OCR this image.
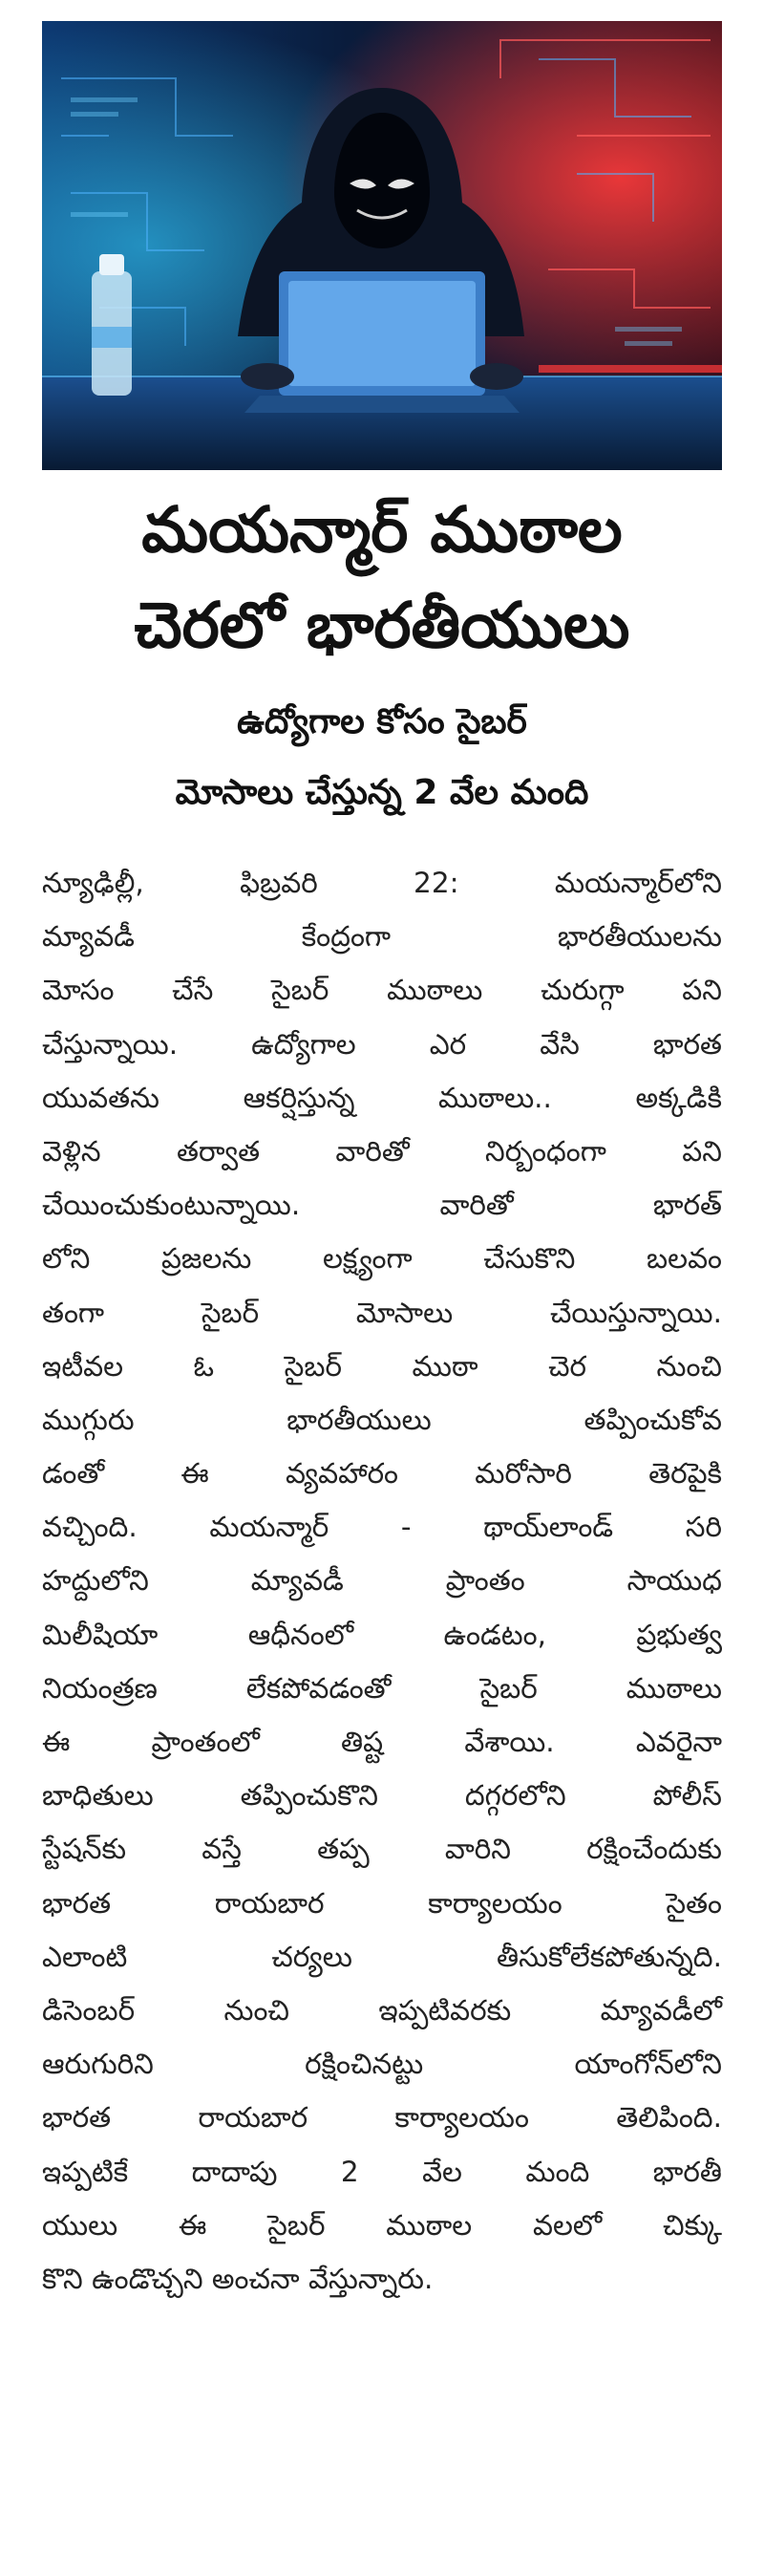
మయన్మార్ ముఠాల
చెరలో భారతీయులు
ఉద్యోగాల కోసం సైబర్
మోసాలు చేస్తున్న 2 వేల మంది
న్యూఢిల్లీ, ఫిబ్రవరి 22: మయన్మార్‌లోని
మ్యావడీ కేంద్రంగా భారతీయులను
మోసం చేసే సైబర్ ముఠాలు చురుగ్గా పని
చేస్తున్నాయి. ఉద్యోగాల ఎర వేసి భారత
యువతను ఆకర్షిస్తున్న ముఠాలు.. అక్కడికి
వెళ్లిన తర్వాత వారితో నిర్బంధంగా పని
చేయించుకుంటున్నాయి. వారితో భారత్
లోని ప్రజలను లక్ష్యంగా చేసుకొని బలవం
తంగా సైబర్ మోసాలు చేయిస్తున్నాయి.
ఇటీవల ఓ సైబర్ ముఠా చెర నుంచి
ముగ్గురు భారతీయులు తప్పించుకోవ
డంతో ఈ వ్యవహారం మరోసారి తెరపైకి
వచ్చింది. మయన్మార్ - థాయ్‌లాండ్ సరి
హద్దులోని మ్యావడీ ప్రాంతం సాయుధ
మిలీషియా ఆధీనంలో ఉండటం, ప్రభుత్వ
నియంత్రణ లేకపోవడంతో సైబర్ ముఠాలు
ఈ ప్రాంతంలో తిష్ట వేశాయి. ఎవరైనా
బాధితులు తప్పించుకొని దగ్గరలోని పోలీస్
స్టేషన్‌కు వస్తే తప్ప వారిని రక్షించేందుకు
భారత రాయబార కార్యాలయం సైతం
ఎలాంటి చర్యలు తీసుకోలేకపోతున్నది.
డిసెంబర్ నుంచి ఇప్పటివరకు మ్యావడీలో
ఆరుగురిని రక్షించినట్టు యాంగోన్‌లోని
భారత రాయబార కార్యాలయం తెలిపింది.
ఇప్పటికే దాదాపు 2 వేల మంది భారతీ
యులు ఈ సైబర్ ముఠాల వలలో చిక్కు
కొని ఉండొచ్చని అంచనా వేస్తున్నారు.
